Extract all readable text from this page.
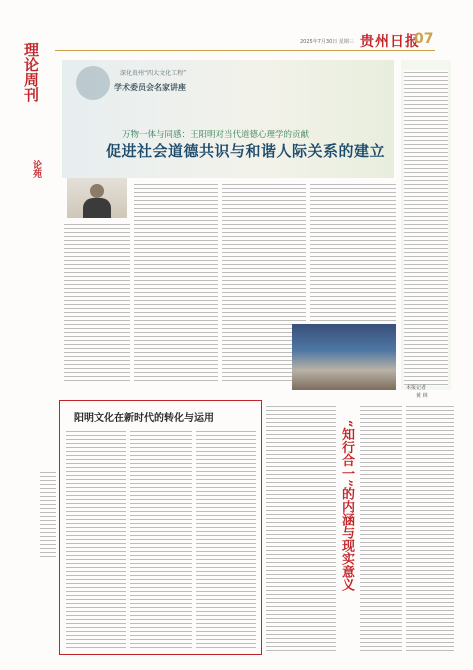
2025年7月30日 星期三 贵州日报
07
理论周刊
论苑
深化贵州“四大文化工程”
学术委员会名家讲座
万物一体与同感：王阳明对当代道德心理学的贡献
促进社会道德共识与和谐人际关系的建立
本报记者
黄 林
阳明文化在新时代的转化与运用
“知行合一”的内涵与现实意义
